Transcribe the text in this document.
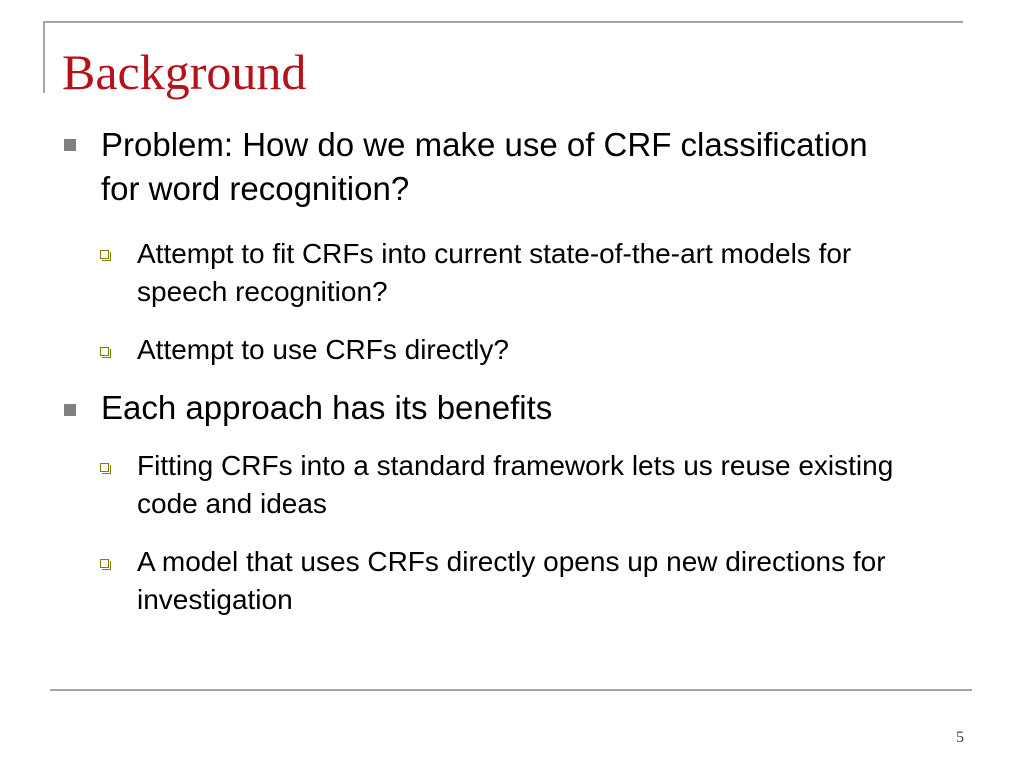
Background

Problem: How do we make use of CRF classification for word recognition?

Attempt to fit CRFs into current state-of-the-art models for speech recognition?

Attempt to use CRFs directly?

Each approach has its benefits

Fitting CRFs into a standard framework lets us reuse existing code and ideas

A model that uses CRFs directly opens up new directions for investigation

5
